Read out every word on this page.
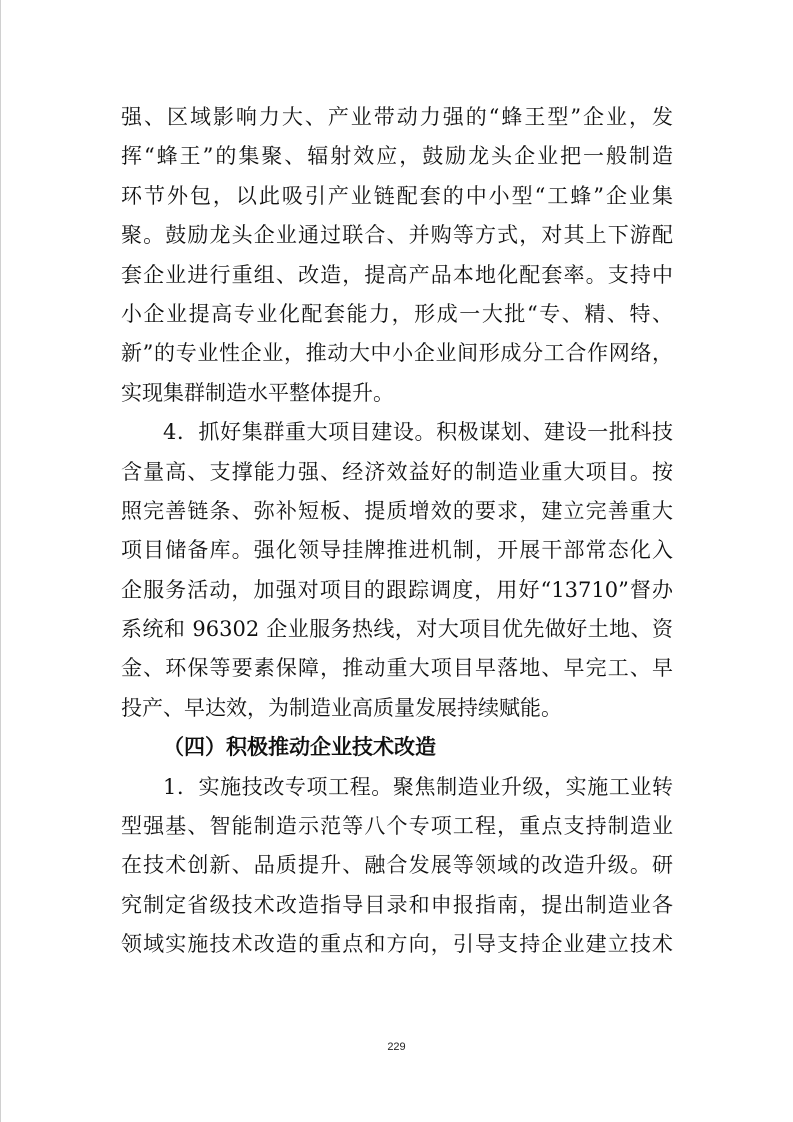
强、区域影响力大、产业带动力强的“蜂王型”企业，发
挥“蜂王”的集聚、辐射效应，鼓励龙头企业把一般制造
环节外包，以此吸引产业链配套的中小型“工蜂”企业集
聚。鼓励龙头企业通过联合、并购等方式，对其上下游配
套企业进行重组、改造，提高产品本地化配套率。支持中
小企业提高专业化配套能力，形成一大批“专、精、特、
新”的专业性企业，推动大中小企业间形成分工合作网络，
实现集群制造水平整体提升。
4．抓好集群重大项目建设。积极谋划、建设一批科技
含量高、支撑能力强、经济效益好的制造业重大项目。按
照完善链条、弥补短板、提质增效的要求，建立完善重大
项目储备库。强化领导挂牌推进机制，开展干部常态化入
企服务活动，加强对项目的跟踪调度，用好“13710”督办
系统和 96302 企业服务热线，对大项目优先做好土地、资
金、环保等要素保障，推动重大项目早落地、早完工、早
投产、早达效，为制造业高质量发展持续赋能。
（四）积极推动企业技术改造
1．实施技改专项工程。聚焦制造业升级，实施工业转
型强基、智能制造示范等八个专项工程，重点支持制造业
在技术创新、品质提升、融合发展等领域的改造升级。研
究制定省级技术改造指导目录和申报指南，提出制造业各
领域实施技术改造的重点和方向，引导支持企业建立技术
229
